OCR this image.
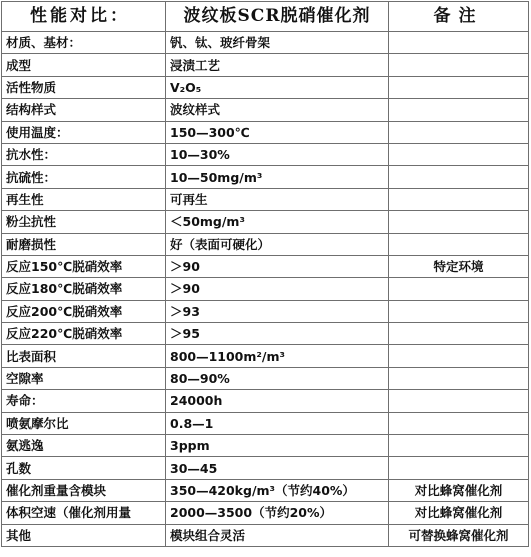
性能对比：	波纹板SCR脱硝催化剂	备注
材质、基材：	钒、钛、玻纤骨架	
成型	浸渍工艺	
活性物质	V₂O₅	
结构样式	波纹样式	
使用温度：	150—300℃	
抗水性：	10—30%	
抗硫性：	10—50mg/m³	
再生性	可再生	
粉尘抗性	＜50mg/m³	
耐磨损性	好（表面可硬化）	
反应150℃脱硝效率	＞90	特定环境
反应180℃脱硝效率	＞90	
反应200℃脱硝效率	＞93	
反应220℃脱硝效率	＞95	
比表面积	800—1100m²/m³	
空隙率	80—90%	
寿命：	24000h	
喷氨摩尔比	0.8—1	
氨逃逸	3ppm	
孔数	30—45	
催化剂重量含模块	350—420kg/m³（节约40%）	对比蜂窝催化剂
体积空速（催化剂用量	2000—3500（节约20%）	对比蜂窝催化剂
其他	模块组合灵活	可替换蜂窝催化剂
